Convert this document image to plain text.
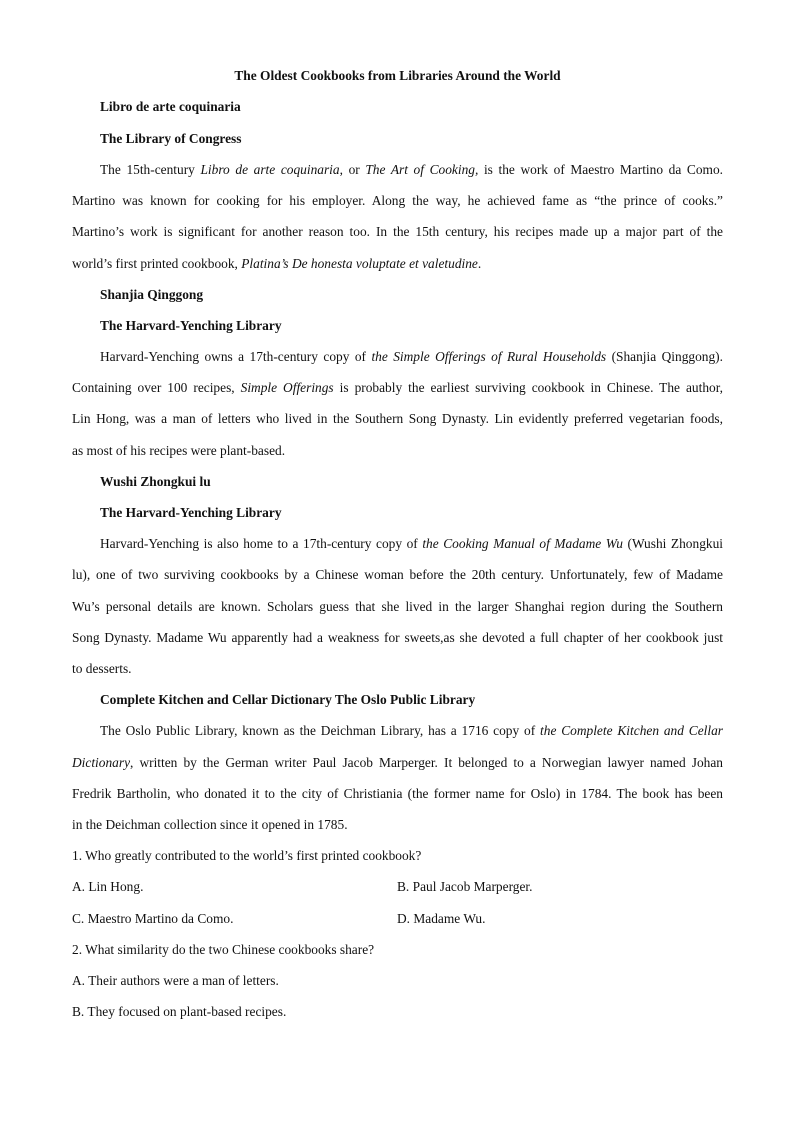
The Oldest Cookbooks from Libraries Around the World
Libro de arte coquinaria
The Library of Congress
The 15th-century Libro de arte coquinaria, or The Art of Cooking, is the work of Maestro Martino da Como.
Martino was known for cooking for his employer. Along the way, he achieved fame as “the prince of cooks.”
Martino’s work is significant for another reason too. In the 15th century, his recipes made up a major part of the
world’s first printed cookbook, Platina’s De honesta voluptate et valetudine.
Shanjia Qinggong
The Harvard-Yenching Library
Harvard-Yenching owns a 17th-century copy of the Simple Offerings of Rural Households (Shanjia Qinggong).
Containing over 100 recipes, Simple Offerings is probably the earliest surviving cookbook in Chinese. The author,
Lin Hong, was a man of letters who lived in the Southern Song Dynasty. Lin evidently preferred vegetarian foods,
as most of his recipes were plant-based.
Wushi Zhongkui lu
The Harvard-Yenching Library
Harvard-Yenching is also home to a 17th-century copy of the Cooking Manual of Madame Wu (Wushi Zhongkui
lu), one of two surviving cookbooks by a Chinese woman before the 20th century. Unfortunately, few of Madame
Wu’s personal details are known. Scholars guess that she lived in the larger Shanghai region during the Southern
Song Dynasty. Madame Wu apparently had a weakness for sweets,as she devoted a full chapter of her cookbook just
to desserts.
Complete Kitchen and Cellar Dictionary The Oslo Public Library
The Oslo Public Library, known as the Deichman Library, has a 1716 copy of the Complete Kitchen and Cellar
Dictionary, written by the German writer Paul Jacob Marperger. It belonged to a Norwegian lawyer named Johan
Fredrik Bartholin, who donated it to the city of Christiania (the former name for Oslo) in 1784. The book has been
in the Deichman collection since it opened in 1785.
1. Who greatly contributed to the world’s first printed cookbook?
A. Lin Hong.	B. Paul Jacob Marperger.
C. Maestro Martino da Como.	D. Madame Wu.
2. What similarity do the two Chinese cookbooks share?
A. Their authors were a man of letters.
B. They focused on plant-based recipes.
